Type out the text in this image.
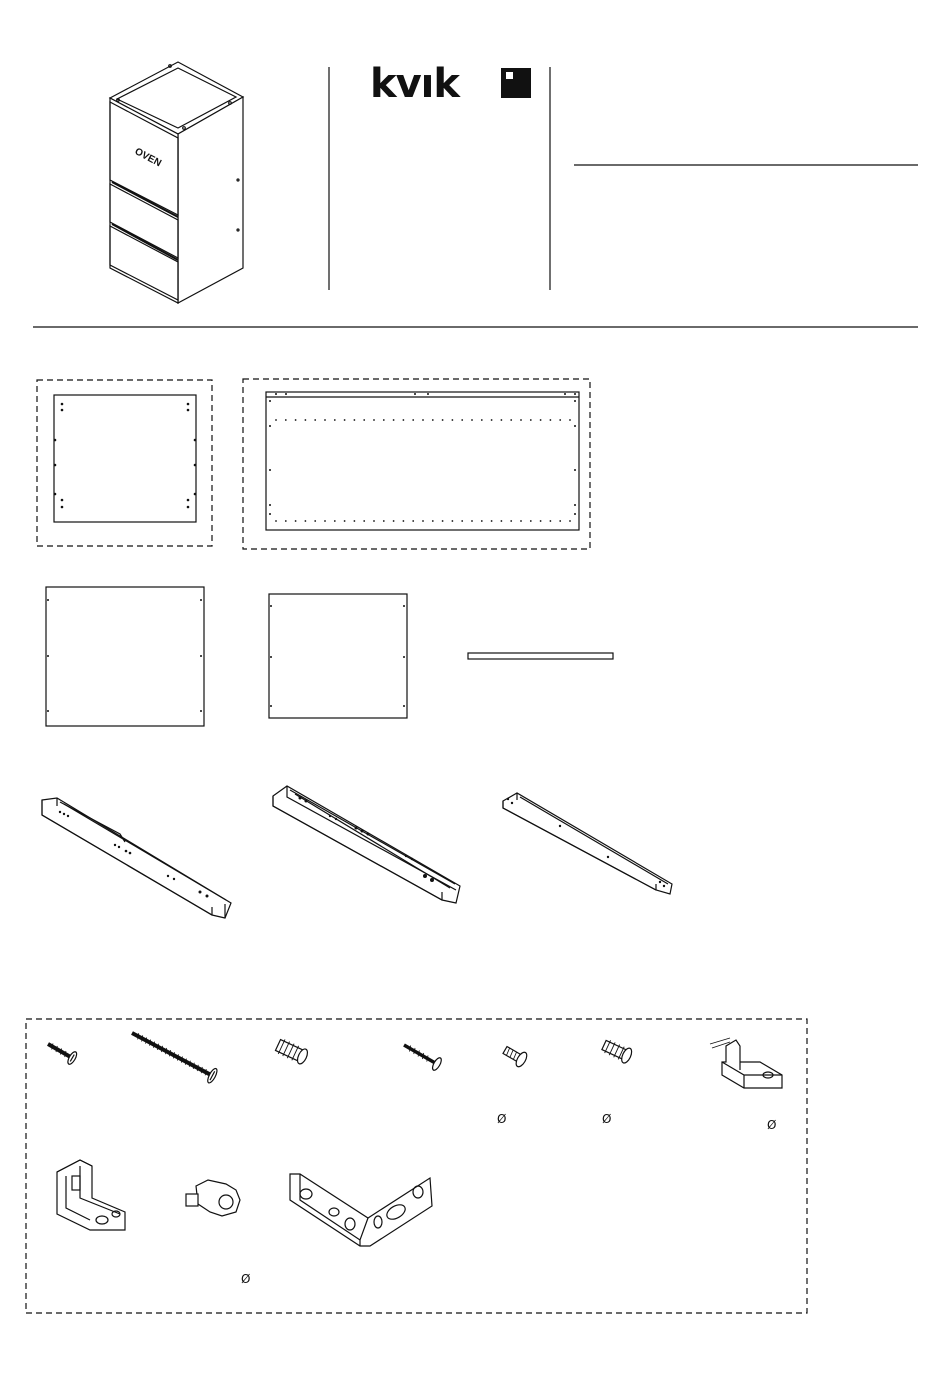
kvık
Ø	Ø	Ø
Ø
OVEN
